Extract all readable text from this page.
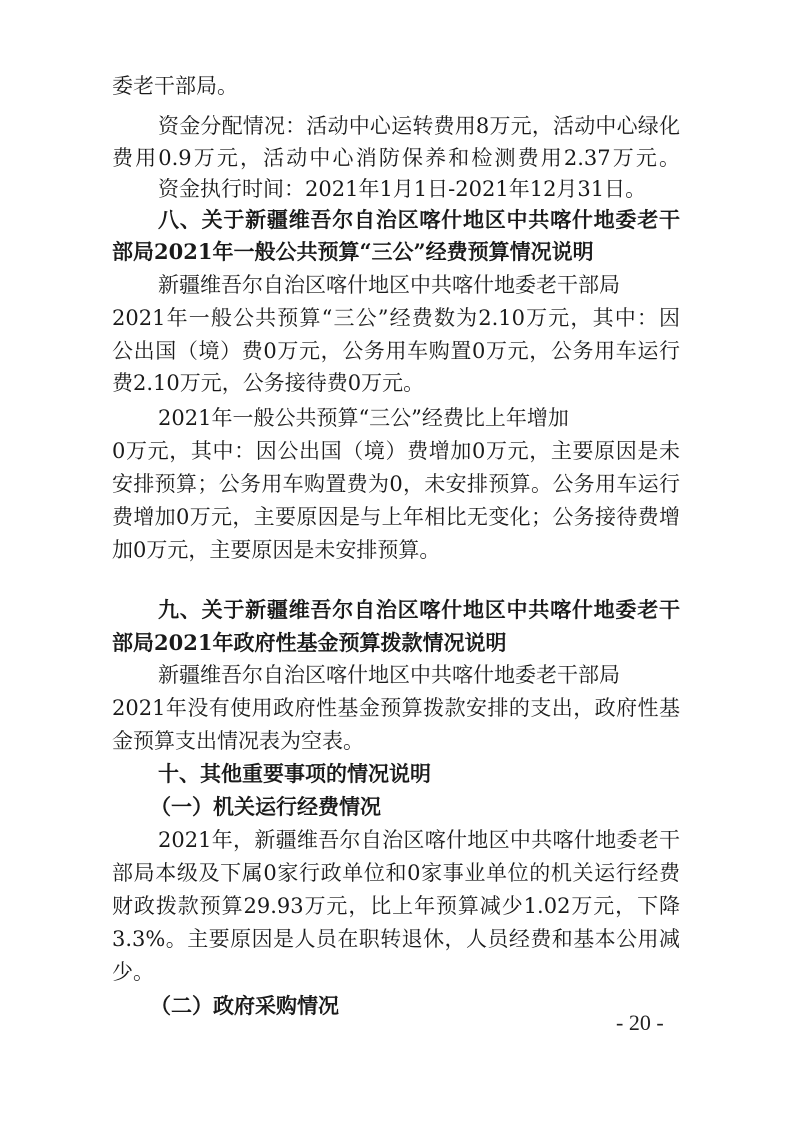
委老干部局。
资金分配情况：活动中心运转费用8万元，活动中心绿化
费用0.9万元，活动中心消防保养和检测费用2.37万元。
资金执行时间：2021年1月1日-2021年12月31日。
八、关于新疆维吾尔自治区喀什地区中共喀什地委老干
部局2021年一般公共预算“三公”经费预算情况说明
新疆维吾尔自治区喀什地区中共喀什地委老干部局
2021年一般公共预算“三公”经费数为2.10万元，其中：因
公出国（境）费0万元，公务用车购置0万元，公务用车运行
费2.10万元，公务接待费0万元。
2021年一般公共预算“三公”经费比上年增加
0万元，其中：因公出国（境）费增加0万元，主要原因是未
安排预算；公务用车购置费为0，未安排预算。公务用车运行
费增加0万元，主要原因是与上年相比无变化；公务接待费增
加0万元，主要原因是未安排预算。
九、关于新疆维吾尔自治区喀什地区中共喀什地委老干
部局2021年政府性基金预算拨款情况说明
新疆维吾尔自治区喀什地区中共喀什地委老干部局
2021年没有使用政府性基金预算拨款安排的支出，政府性基
金预算支出情况表为空表。
十、其他重要事项的情况说明
（一）机关运行经费情况
2021年，新疆维吾尔自治区喀什地区中共喀什地委老干
部局本级及下属0家行政单位和0家事业单位的机关运行经费
财政拨款预算29.93万元，比上年预算减少1.02万元，下降
3.3%。主要原因是人员在职转退休，人员经费和基本公用减
少。
（二）政府采购情况
- 20 -
